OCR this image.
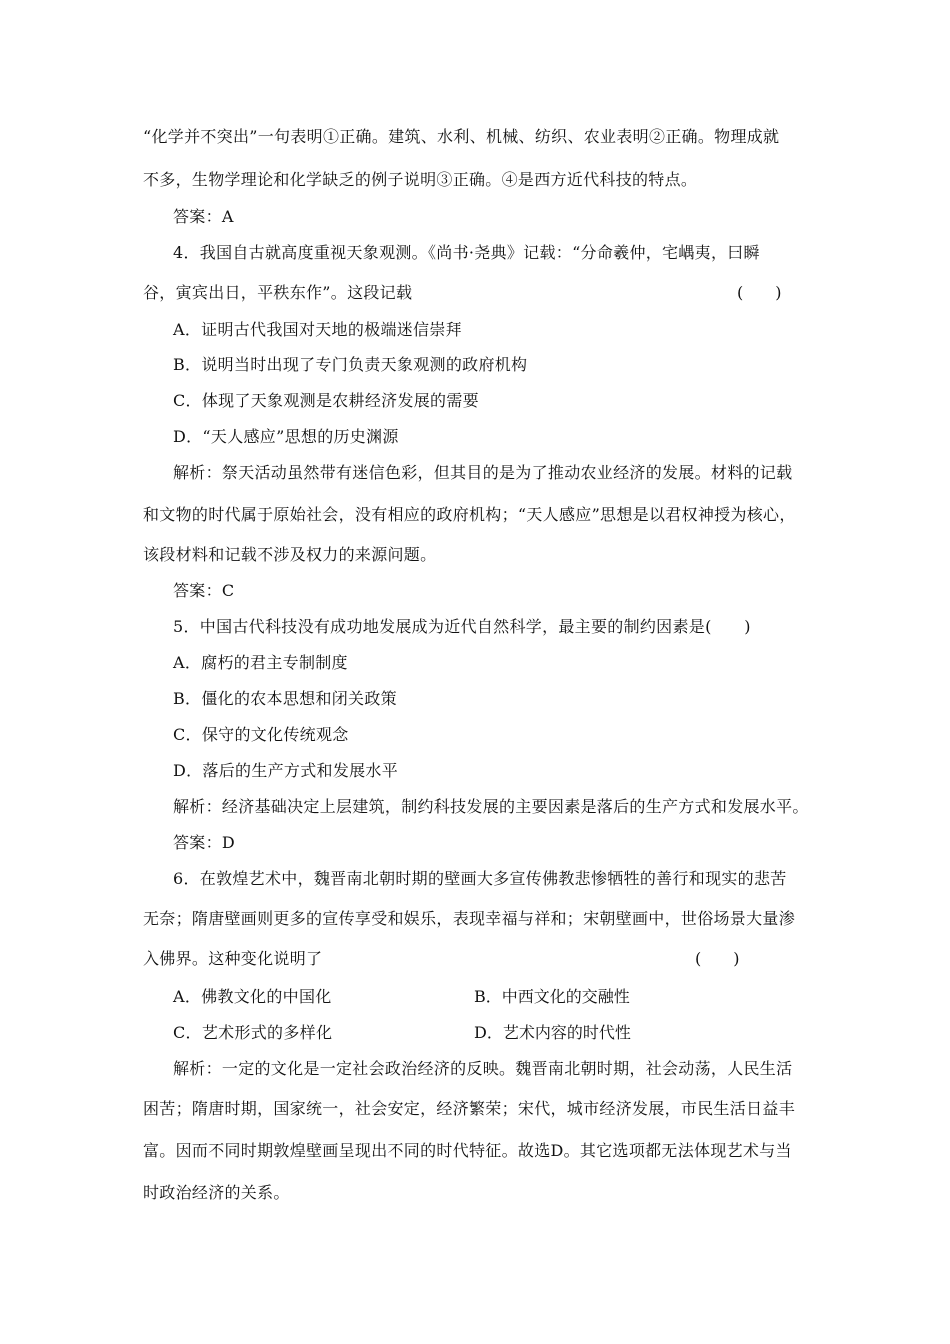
“化学并不突出”一句表明①正确。建筑、水利、机械、纺织、农业表明②正确。物理成就
不多，生物学理论和化学缺乏的例子说明③正确。④是西方近代科技的特点。
答案：A
4．我国自古就高度重视天象观测。《尚书·尧典》记载：“分命羲仲，宅嵎夷，曰瞬
谷，寅宾出日，平秩东作”。这段记载	(　　)
A．证明古代我国对天地的极端迷信崇拜
B．说明当时出现了专门负责天象观测的政府机构
C．体现了天象观测是农耕经济发展的需要
D．“天人感应”思想的历史渊源
解析：祭天活动虽然带有迷信色彩，但其目的是为了推动农业经济的发展。材料的记载
和文物的时代属于原始社会，没有相应的政府机构；“天人感应”思想是以君权神授为核心，
该段材料和记载不涉及权力的来源问题。
答案：C
5．中国古代科技没有成功地发展成为近代自然科学，最主要的制约因素是(　　)
A．腐朽的君主专制制度
B．僵化的农本思想和闭关政策
C．保守的文化传统观念
D．落后的生产方式和发展水平
解析：经济基础决定上层建筑，制约科技发展的主要因素是落后的生产方式和发展水平。
答案：D
6．在敦煌艺术中，魏晋南北朝时期的壁画大多宣传佛教悲惨牺牲的善行和现实的悲苦
无奈；隋唐壁画则更多的宣传享受和娱乐，表现幸福与祥和；宋朝壁画中，世俗场景大量渗
入佛界。这种变化说明了	(　　)
A．佛教文化的中国化	B．中西文化的交融性
C．艺术形式的多样化	D．艺术内容的时代性
解析：一定的文化是一定社会政治经济的反映。魏晋南北朝时期，社会动荡，人民生活
困苦；隋唐时期，国家统一，社会安定，经济繁荣；宋代，城市经济发展，市民生活日益丰
富。因而不同时期敦煌壁画呈现出不同的时代特征。故选D。其它选项都无法体现艺术与当
时政治经济的关系。
